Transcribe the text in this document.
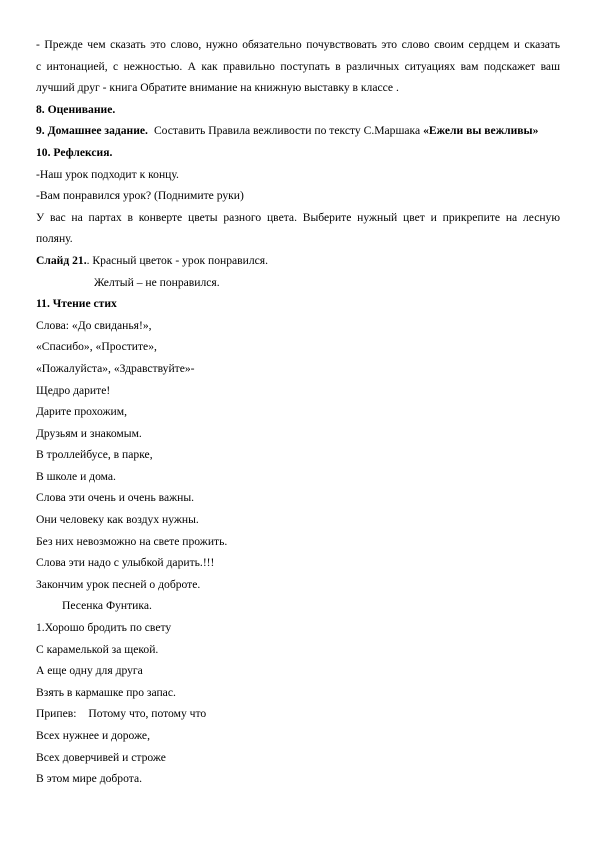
- Прежде чем сказать это слово, нужно обязательно почувствовать это слово своим сердцем и сказать
с интонацией, с нежностью. А как правильно поступать в различных ситуациях вам подскажет ваш
лучший друг - книга Обратите внимание на книжную выставку в классе .
8. Оценивание.
9. Домашнее задание. Составить Правила вежливости по тексту С.Маршака «Ежели вы вежливы»
10. Рефлексия.
-Наш урок подходит к концу.
-Вам понравился урок? (Поднимите руки)
У вас на партах в конверте цветы разного цвета. Выберите нужный цвет и прикрепите на лесную
поляну.
Слайд 21.. Красный цветок - урок понравился.
Желтый – не понравился.
11. Чтение стих
Слова: «До свиданья!»,
«Спасибо», «Простите»,
«Пожалуйста», «Здравствуйте»-
Щедро дарите!
Дарите прохожим,
Друзьям и знакомым.
В троллейбусе, в парке,
В школе и дома.
Слова эти очень и очень важны.
Они человеку как воздух нужны.
Без них невозможно на свете прожить.
Слова эти надо с улыбкой дарить.!!!
Закончим урок песней о доброте.
Песенка Фунтика.
1.Хорошо бродить по свету
С карамелькой за щекой.
А еще одну для друга
Взять в кармашке про запас.
Припев: Потому что, потому что
Всех нужнее и дороже,
Всех доверчивей и строже
В этом мире доброта.
